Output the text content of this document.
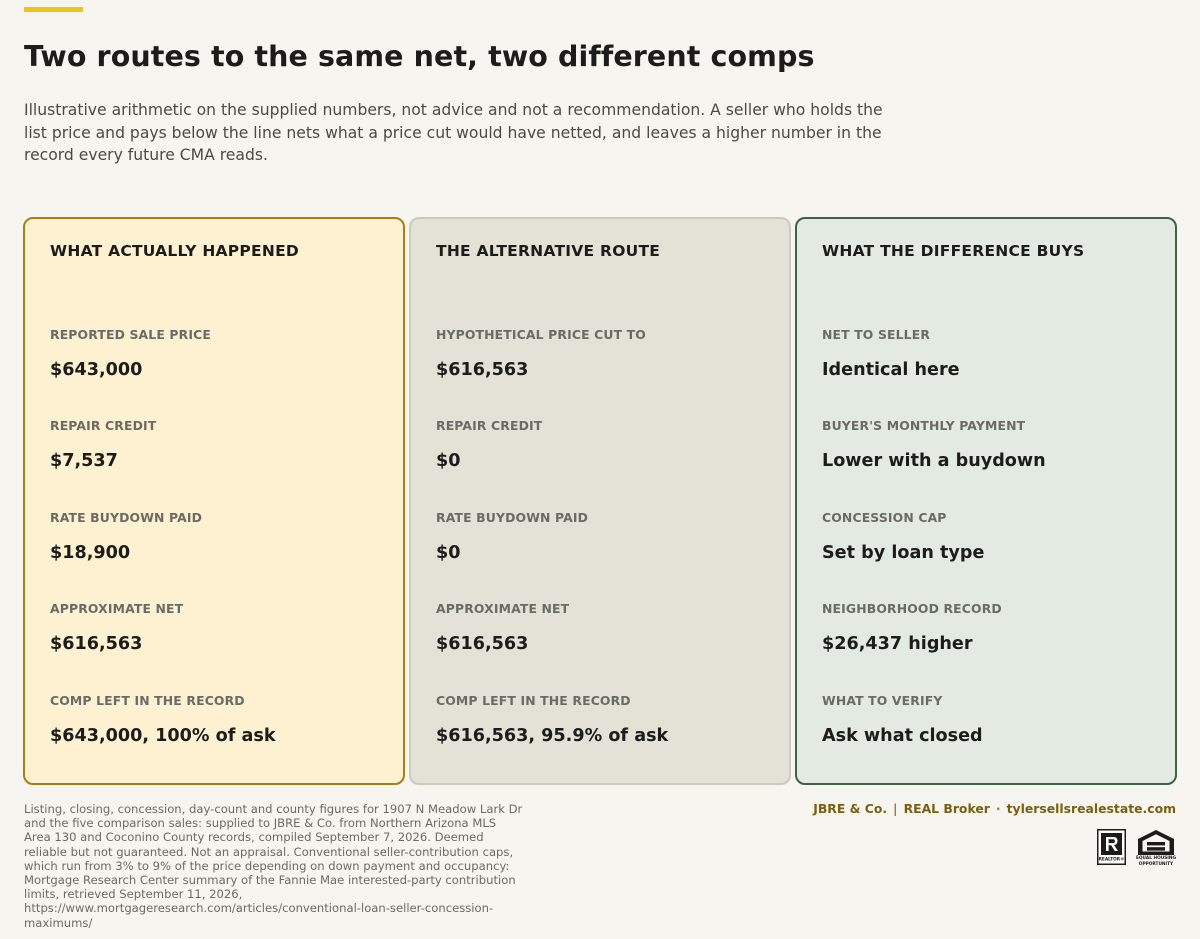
Two routes to the same net, two different comps

Illustrative arithmetic on the supplied numbers, not advice and not a recommendation. A seller who holds the list price and pays below the line nets what a price cut would have netted, and leaves a higher number in the record every future CMA reads.

WHAT ACTUALLY HAPPENED
REPORTED SALE PRICE
$643,000
REPAIR CREDIT
$7,537
RATE BUYDOWN PAID
$18,900
APPROXIMATE NET
$616,563
COMP LEFT IN THE RECORD
$643,000, 100% of ask
THE ALTERNATIVE ROUTE
HYPOTHETICAL PRICE CUT TO
$616,563
REPAIR CREDIT
$0
RATE BUYDOWN PAID
$0
APPROXIMATE NET
$616,563
COMP LEFT IN THE RECORD
$616,563, 95.9% of ask
WHAT THE DIFFERENCE BUYS
NET TO SELLER
Identical here
BUYER'S MONTHLY PAYMENT
Lower with a buydown
CONCESSION CAP
Set by loan type
NEIGHBORHOOD RECORD
$26,437 higher
WHAT TO VERIFY
Ask what closed

Listing, closing, concession, day-count and county figures for 1907 N Meadow Lark Dr and the five comparison sales: supplied to JBRE & Co. from Northern Arizona MLS Area 130 and Coconino County records, compiled September 7, 2026. Deemed reliable but not guaranteed. Not an appraisal. Conventional seller-contribution caps, which run from 3% to 9% of the price depending on down payment and occupancy: Mortgage Research Center summary of the Fannie Mae interested-party contribution limits, retrieved September 11, 2026, https://www.mortgageresearch.com/articles/conventional-loan-seller-concession-maximums/

JBRE & Co. | REAL Broker · tylersellsrealestate.com
REALTOR®	EQUAL HOUSING
OPPORTUNITY
